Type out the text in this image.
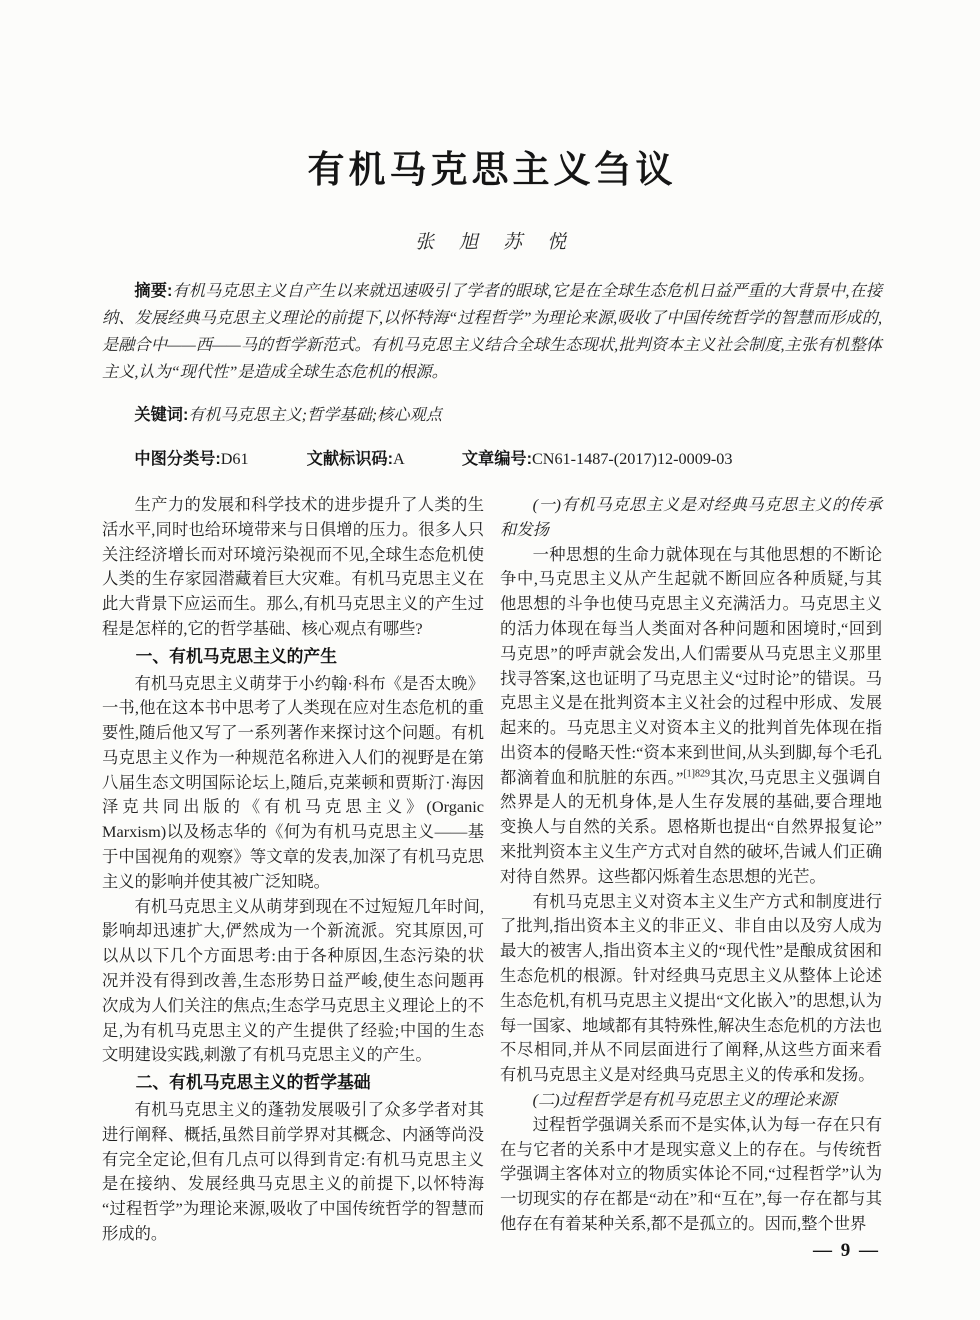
有机马克思主义刍议
张　旭　苏　悦

摘要:有机马克思主义自产生以来就迅速吸引了学者的眼球,它是在全球生态危机日益严重的大背景中,在接纳、发展经典马克思主义理论的前提下,以怀特海“过程哲学”为理论来源,吸收了中国传统哲学的智慧而形成的,是融合中——西——马的哲学新范式。有机马克思主义结合全球生态现状,批判资本主义社会制度,主张有机整体主义,认为“现代性”是造成全球生态危机的根源。

关键词:有机马克思主义;哲学基础;核心观点

中图分类号:D61	文献标识码:A	文章编号:CN61-1487-(2017)12-0009-03

生产力的发展和科学技术的进步提升了人类的生活水平,同时也给环境带来与日俱增的压力。很多人只关注经济增长而对环境污染视而不见,全球生态危机使人类的生存家园潜藏着巨大灾难。有机马克思主义在此大背景下应运而生。那么,有机马克思主义的产生过程是怎样的,它的哲学基础、核心观点有哪些?

一、有机马克思主义的产生

有机马克思主义萌芽于小约翰·科布《是否太晚》一书,他在这本书中思考了人类现在应对生态危机的重要性,随后他又写了一系列著作来探讨这个问题。有机马克思主义作为一种规范名称进入人们的视野是在第八届生态文明国际论坛上,随后,克莱顿和贾斯汀·海因泽克共同出版的《有机马克思主义》(Organic Marxism)以及杨志华的《何为有机马克思主义——基于中国视角的观察》等文章的发表,加深了有机马克思主义的影响并使其被广泛知晓。

有机马克思主义从萌芽到现在不过短短几年时间,影响却迅速扩大,俨然成为一个新流派。究其原因,可以从以下几个方面思考:由于各种原因,生态污染的状况并没有得到改善,生态形势日益严峻,使生态问题再次成为人们关注的焦点;生态学马克思主义理论上的不足,为有机马克思主义的产生提供了经验;中国的生态文明建设实践,刺激了有机马克思主义的产生。

二、有机马克思主义的哲学基础

有机马克思主义的蓬勃发展吸引了众多学者对其进行阐释、概括,虽然目前学界对其概念、内涵等尚没有完全定论,但有几点可以得到肯定:有机马克思主义是在接纳、发展经典马克思主义的前提下,以怀特海“过程哲学”为理论来源,吸收了中国传统哲学的智慧而形成的。

(一)有机马克思主义是对经典马克思主义的传承和发扬

一种思想的生命力就体现在与其他思想的不断论争中,马克思主义从产生起就不断回应各种质疑,与其他思想的斗争也使马克思主义充满活力。马克思主义的活力体现在每当人类面对各种问题和困境时,“回到马克思”的呼声就会发出,人们需要从马克思主义那里找寻答案,这也证明了马克思主义“过时论”的错误。马克思主义是在批判资本主义社会的过程中形成、发展起来的。马克思主义对资本主义的批判首先体现在指出资本的侵略天性:“资本来到世间,从头到脚,每个毛孔都滴着血和肮脏的东西。”$^{[1]829}$其次,马克思主义强调自然界是人的无机身体,是人生存发展的基础,要合理地变换人与自然的关系。恩格斯也提出“自然界报复论”来批判资本主义生产方式对自然的破坏,告诫人们正确对待自然界。这些都闪烁着生态思想的光芒。

有机马克思主义对资本主义生产方式和制度进行了批判,指出资本主义的非正义、非自由以及穷人成为最大的被害人,指出资本主义的“现代性”是酿成贫困和生态危机的根源。针对经典马克思主义从整体上论述生态危机,有机马克思主义提出“文化嵌入”的思想,认为每一国家、地域都有其特殊性,解决生态危机的方法也不尽相同,并从不同层面进行了阐释,从这些方面来看有机马克思主义是对经典马克思主义的传承和发扬。

(二)过程哲学是有机马克思主义的理论来源

过程哲学强调关系而不是实体,认为每一存在只有在与它者的关系中才是现实意义上的存在。与传统哲学强调主客体对立的物质实体论不同,“过程哲学”认为一切现实的存在都是“动在”和“互在”,每一存在都与其他存在有着某种关系,都不是孤立的。因而,整个世界

— 9 —
